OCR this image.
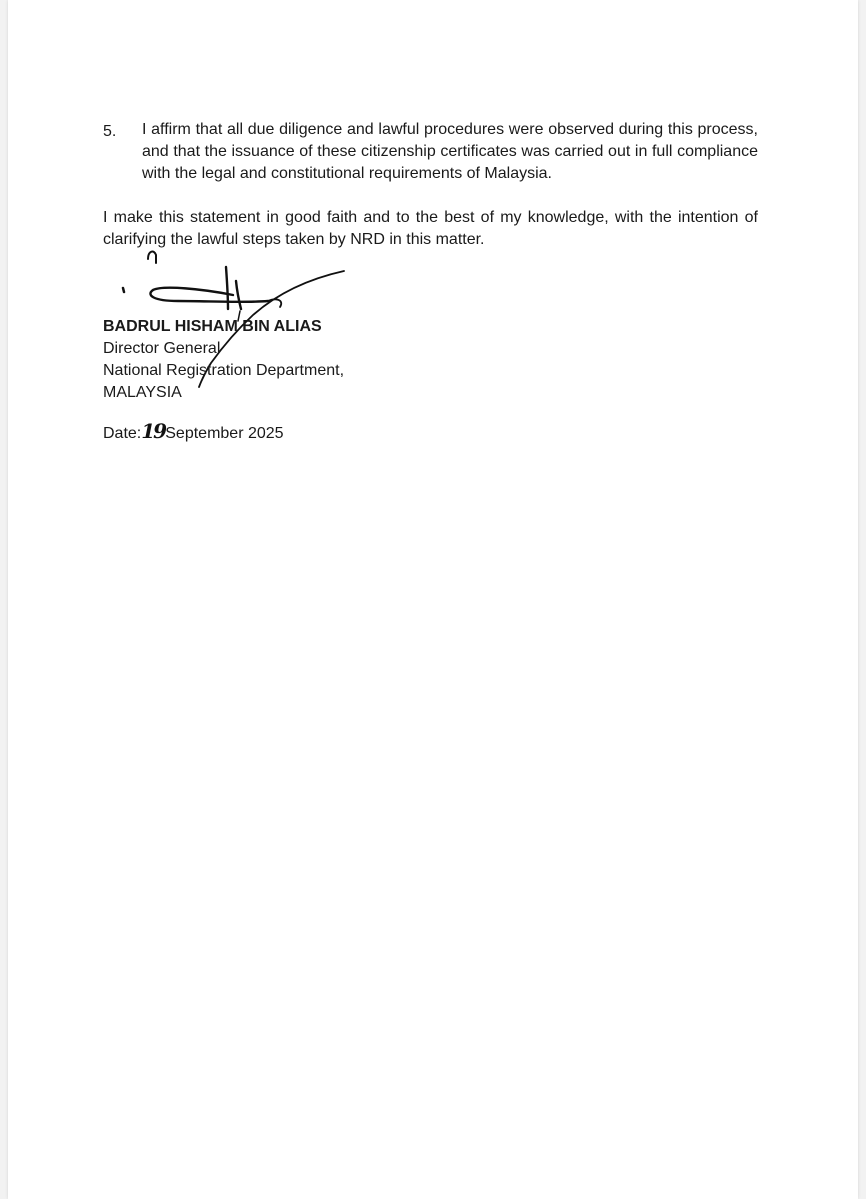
5. I affirm that all due diligence and lawful procedures were observed during this process, and that the issuance of these citizenship certificates was carried out in full compliance with the legal and constitutional requirements of Malaysia.
I make this statement in good faith and to the best of my knowledge, with the intention of clarifying the lawful steps taken by NRD in this matter.
BADRUL HISHAM BIN ALIAS
Director General
National Registration Department,
MALAYSIA
Date: 19 September 2025
